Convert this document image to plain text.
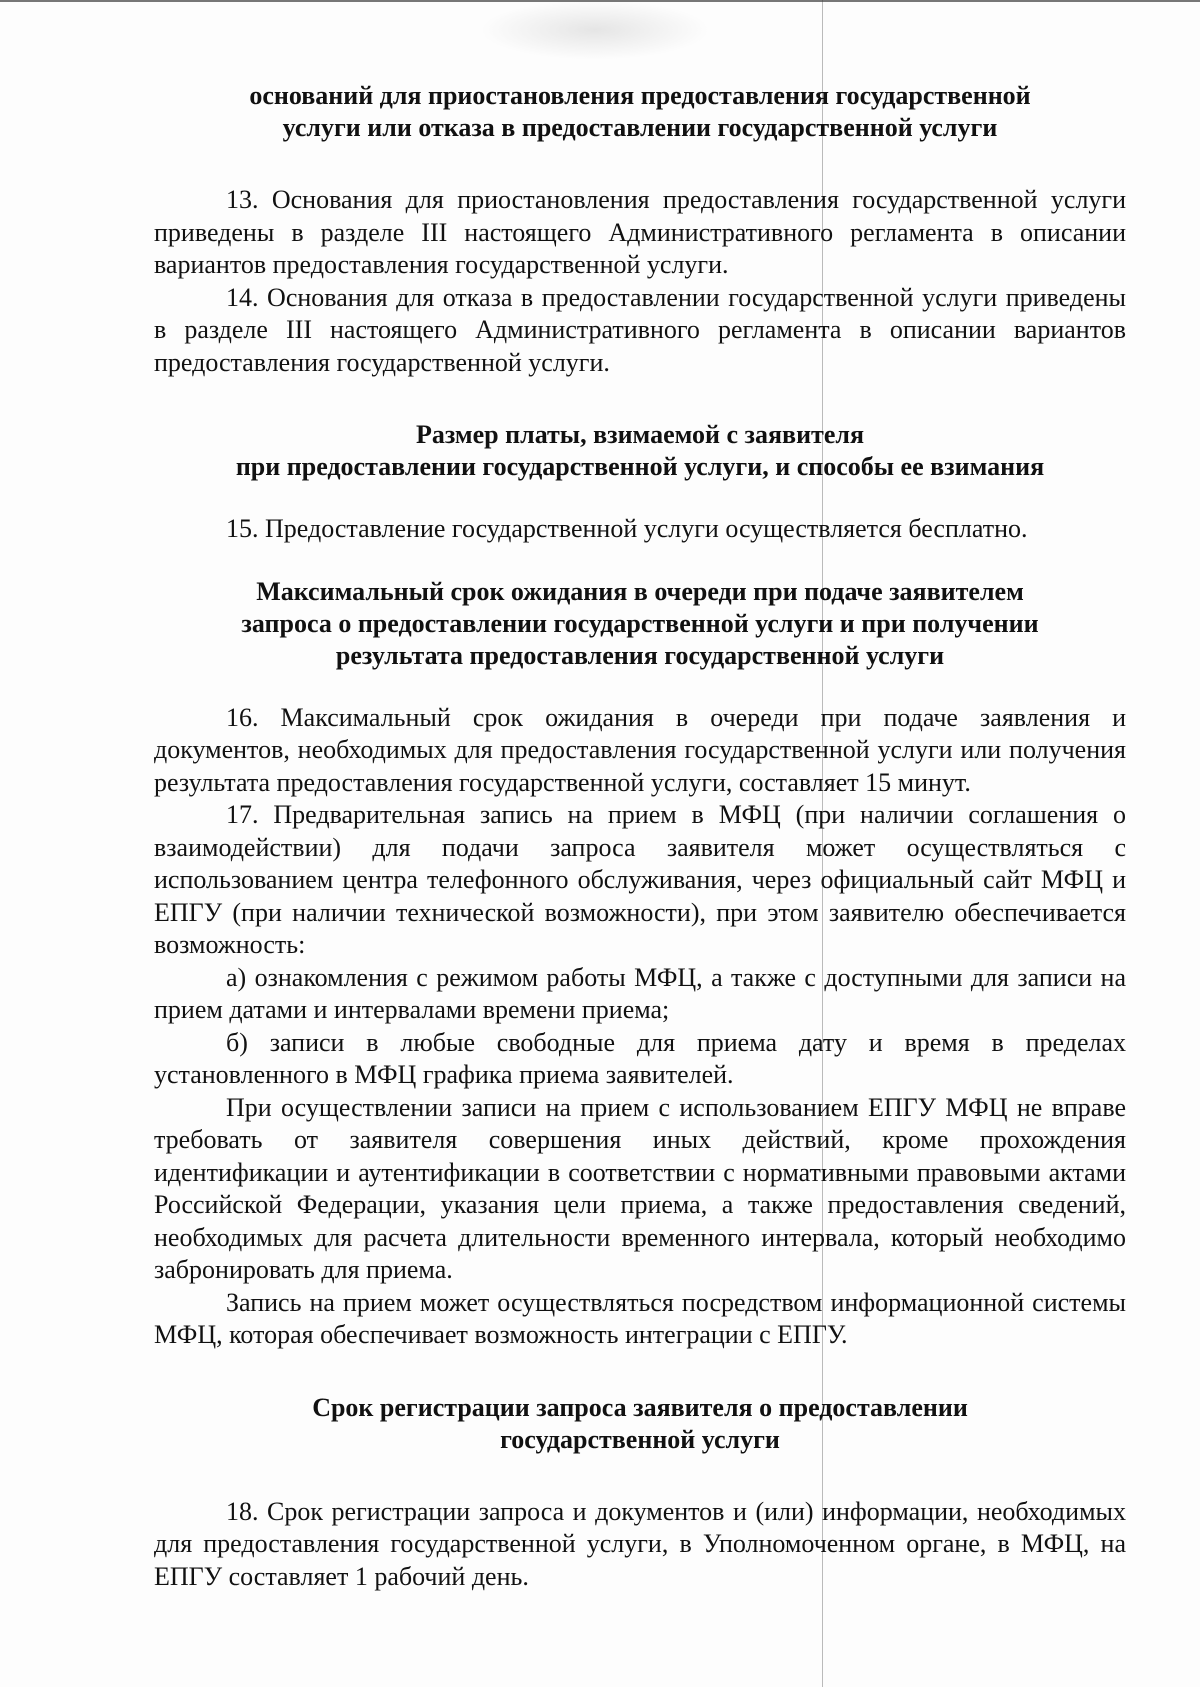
оснований для приостановления предоставления государственной
услуги или отказа в предоставлении государственной услуги

13. Основания для приостановления предоставления государственной услуги приведены в разделе III настоящего Административного регламента в описании вариантов предоставления государственной услуги.

14. Основания для отказа в предоставлении государственной услуги приведены в разделе III настоящего Административного регламента в описании вариантов предоставления государственной услуги.

Размер платы, взимаемой с заявителя
при предоставлении государственной услуги, и способы ее взимания

15. Предоставление государственной услуги осуществляется бесплатно.

Максимальный срок ожидания в очереди при подаче заявителем
запроса о предоставлении государственной услуги и при получении
результата предоставления государственной услуги

16. Максимальный срок ожидания в очереди при подаче заявления и документов, необходимых для предоставления государственной услуги или получения результата предоставления государственной услуги, составляет 15 минут.

17. Предварительная запись на прием в МФЦ (при наличии соглашения о взаимодействии) для подачи запроса заявителя может осуществляться с использованием центра телефонного обслуживания, через официальный сайт МФЦ и ЕПГУ (при наличии технической возможности), при этом заявителю обеспечивается возможность:

а) ознакомления с режимом работы МФЦ, а также с доступными для записи на прием датами и интервалами времени приема;

б) записи в любые свободные для приема дату и время в пределах установленного в МФЦ графика приема заявителей.

При осуществлении записи на прием с использованием ЕПГУ МФЦ не вправе требовать от заявителя совершения иных действий, кроме прохождения идентификации и аутентификации в соответствии с нормативными правовыми актами Российской Федерации, указания цели приема, а также предоставления сведений, необходимых для расчета длительности временного интервала, который необходимо забронировать для приема.

Запись на прием может осуществляться посредством информационной системы МФЦ, которая обеспечивает возможность интеграции с ЕПГУ.

Срок регистрации запроса заявителя о предоставлении
государственной услуги

18. Срок регистрации запроса и документов и (или) информации, необходимых для предоставления государственной услуги, в Уполномоченном органе, в МФЦ, на ЕПГУ составляет 1 рабочий день.
